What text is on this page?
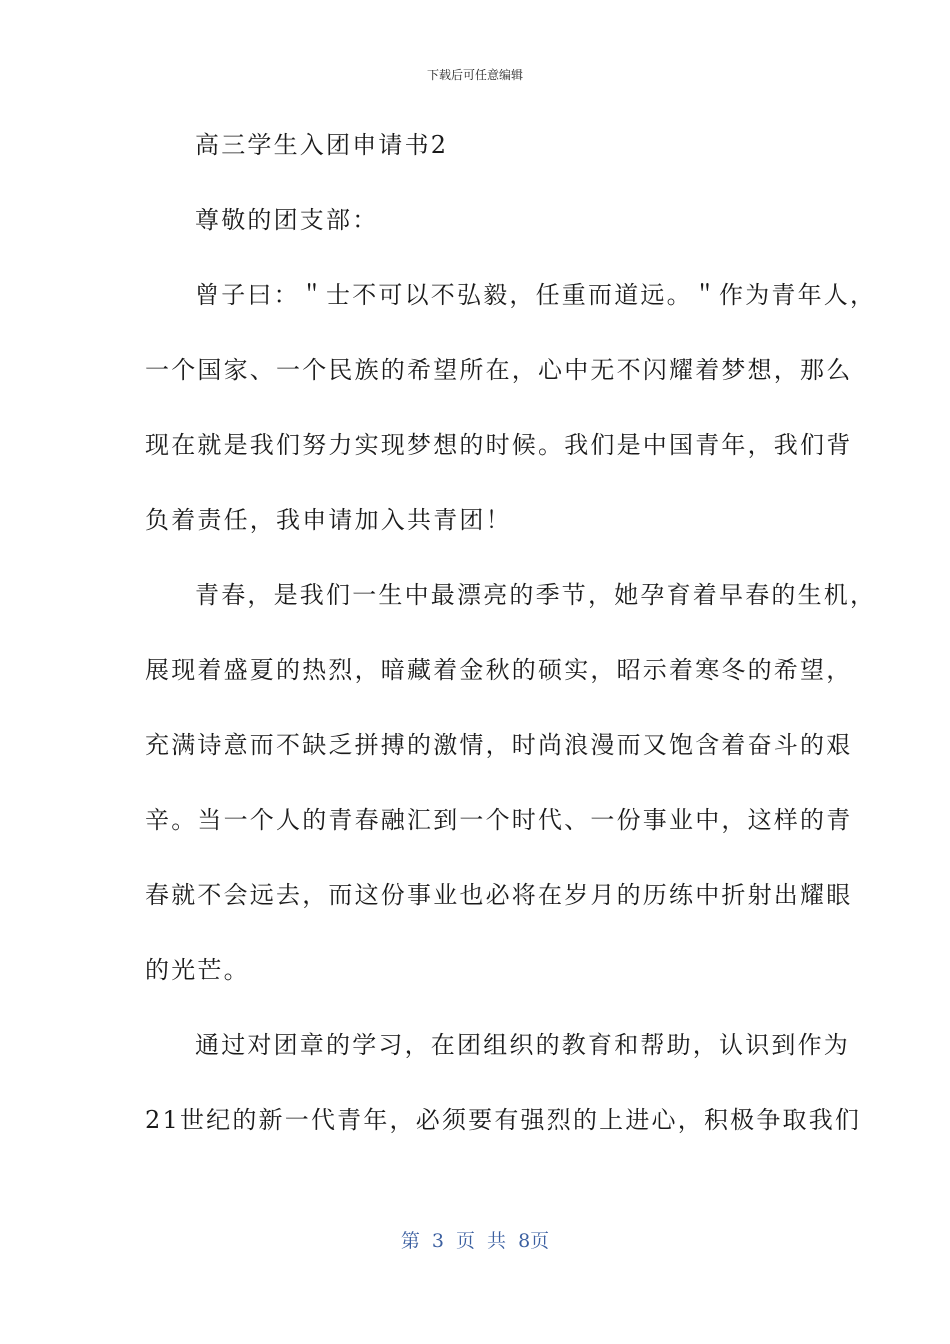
下载后可任意编辑
高三学生入团申请书2
尊敬的团支部：
曾子曰：＂士不可以不弘毅，任重而道远。＂作为青年人，
一个国家、一个民族的希望所在，心中无不闪耀着梦想，那么
现在就是我们努力实现梦想的时候。我们是中国青年，我们背
负着责任，我申请加入共青团！
青春，是我们一生中最漂亮的季节，她孕育着早春的生机，
展现着盛夏的热烈，暗藏着金秋的硕实，昭示着寒冬的希望，
充满诗意而不缺乏拼搏的激情，时尚浪漫而又饱含着奋斗的艰
辛。当一个人的青春融汇到一个时代、一份事业中，这样的青
春就不会远去，而这份事业也必将在岁月的历练中折射出耀眼
的光芒。
通过对团章的学习，在团组织的教育和帮助，认识到作为
21世纪的新一代青年，必须要有强烈的上进心，积极争取我们
第 3 页 共 8页
